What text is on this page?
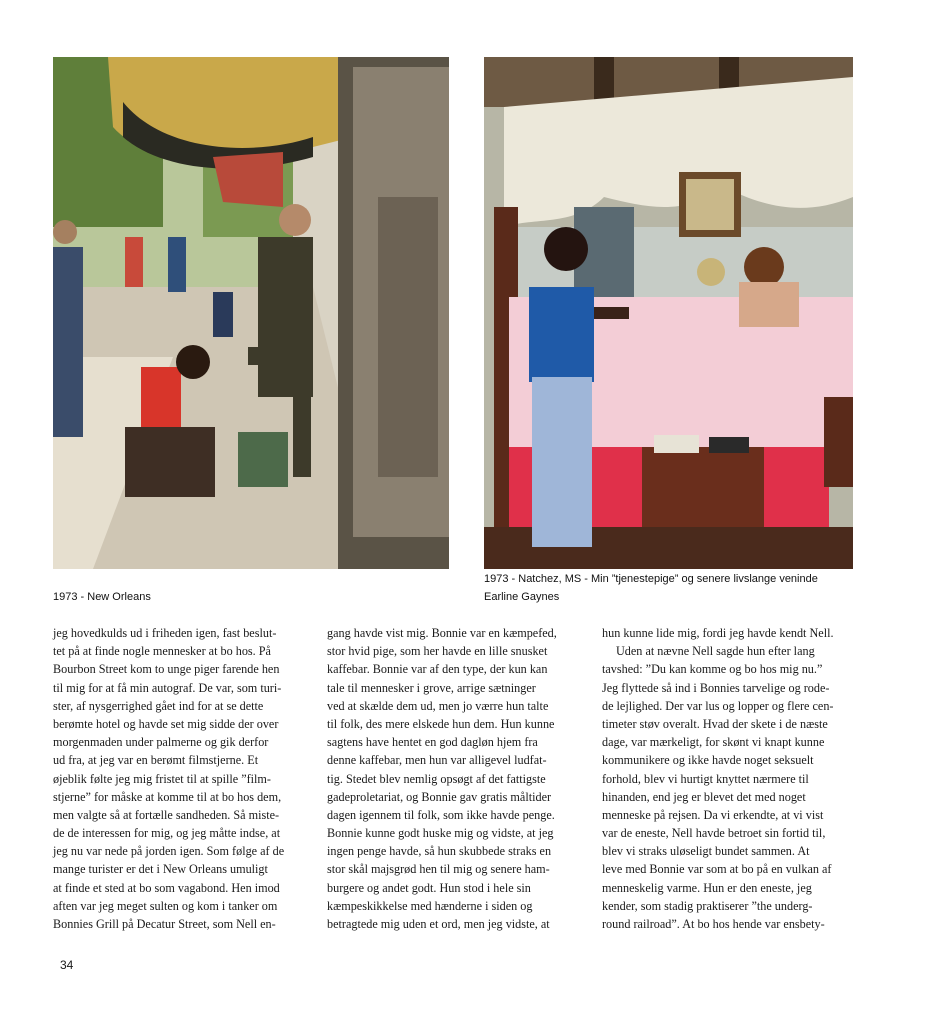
1973 - New Orleans
1973 - Natchez, MS - Min ”tjenestepige” og senere livslange veninde
Earline Gaynes
jeg hovedkulds ud i friheden igen, fast beslut-
tet på at finde nogle mennesker at bo hos. På
Bourbon Street kom to unge piger farende hen
til mig for at få min autograf. De var, som turi-
ster, af nysgerrighed gået ind for at se dette
berømte hotel og havde set mig sidde der over
morgenmaden under palmerne og gik derfor
ud fra, at jeg var en berømt filmstjerne. Et
øjeblik følte jeg mig fristet til at spille ”film-
stjerne” for måske at komme til at bo hos dem,
men valgte så at fortælle sandheden. Så miste-
de de interessen for mig, og jeg måtte indse, at
jeg nu var nede på jorden igen. Som følge af de
mange turister er det i New Orleans umuligt
at finde et sted at bo som vagabond. Hen imod
aften var jeg meget sulten og kom i tanker om
Bonnies Grill på Decatur Street, som Nell en-
gang havde vist mig. Bonnie var en kæmpefed,
stor hvid pige, som her havde en lille snusket
kaffebar. Bonnie var af den type, der kun kan
tale til mennesker i grove, arrige sætninger
ved at skælde dem ud, men jo værre hun talte
til folk, des mere elskede hun dem. Hun kunne
sagtens have hentet en god dagløn hjem fra
denne kaffebar, men hun var alligevel ludfat-
tig. Stedet blev nemlig opsøgt af det fattigste
gadeproletariat, og Bonnie gav gratis måltider
dagen igennem til folk, som ikke havde penge.
Bonnie kunne godt huske mig og vidste, at jeg
ingen penge havde, så hun skubbede straks en
stor skål majsgrød hen til mig og senere ham-
burgere og andet godt. Hun stod i hele sin
kæmpeskikkelse med hænderne i siden og
betragtede mig uden et ord, men jeg vidste, at
hun kunne lide mig, fordi jeg havde kendt Nell.
Uden at nævne Nell sagde hun efter lang
tavshed: ”Du kan komme og bo hos mig nu.”
Jeg flyttede så ind i Bonnies tarvelige og rode-
de lejlighed. Der var lus og lopper og flere cen-
timeter støv overalt. Hvad der skete i de næste
dage, var mærkeligt, for skønt vi knapt kunne
kommunikere og ikke havde noget seksuelt
forhold, blev vi hurtigt knyttet nærmere til
hinanden, end jeg er blevet det med noget
menneske på rejsen. Da vi erkendte, at vi vist
var de eneste, Nell havde betroet sin fortid til,
blev vi straks uløseligt bundet sammen. At
leve med Bonnie var som at bo på en vulkan af
menneskelig varme. Hun er den eneste, jeg
kender, som stadig praktiserer ”the underg-
round railroad”. At bo hos hende var ensbety-
34
